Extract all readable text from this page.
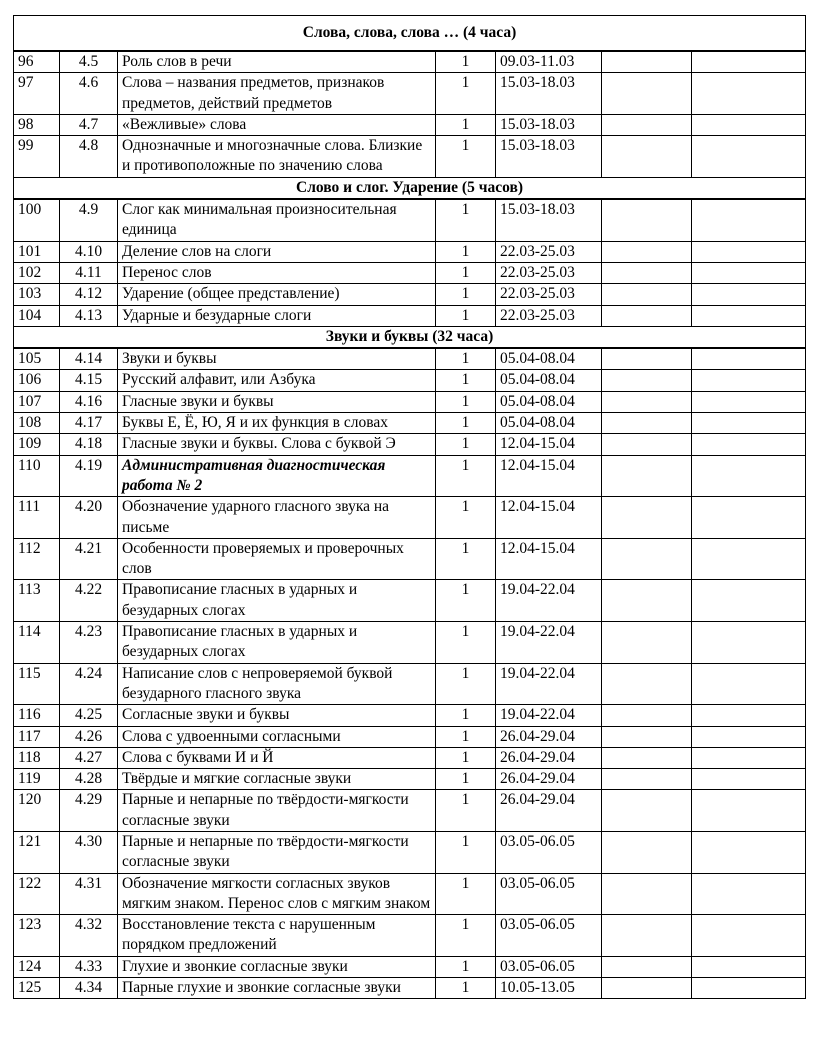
Слова, слова, слова … (4 часа)						
96	4.5	Роль слов в речи	1	09.03-11.03		
97	4.6	Слова – названия предметов, признаков предметов, действий предметов	1	15.03-18.03		
98	4.7	«Вежливые» слова	1	15.03-18.03		
99	4.8	Однозначные и многозначные слова. Близкие и противоположные по значению слова	1	15.03-18.03		
Слово и слог. Ударение (5 часов)						
100	4.9	Слог как минимальная произносительная единица	1	15.03-18.03		
101	4.10	Деление слов на слоги	1	22.03-25.03		
102	4.11	Перенос слов	1	22.03-25.03		
103	4.12	Ударение (общее представление)	1	22.03-25.03		
104	4.13	Ударные и безударные слоги	1	22.03-25.03		
Звуки и буквы (32 часа)						
105	4.14	Звуки и буквы	1	05.04-08.04		
106	4.15	Русский алфавит, или Азбука	1	05.04-08.04		
107	4.16	Гласные звуки и буквы	1	05.04-08.04		
108	4.17	Буквы Е, Ё, Ю, Я и их функция в словах	1	05.04-08.04		
109	4.18	Гласные звуки и буквы. Слова с буквой Э	1	12.04-15.04		
110	4.19	Административная диагностическая работа № 2	1	12.04-15.04		
111	4.20	Обозначение ударного гласного звука на письме	1	12.04-15.04		
112	4.21	Особенности проверяемых и проверочных слов	1	12.04-15.04		
113	4.22	Правописание гласных в ударных и безударных слогах	1	19.04-22.04		
114	4.23	Правописание гласных в ударных и безударных слогах	1	19.04-22.04		
115	4.24	Написание слов с непроверяемой буквой безударного гласного звука	1	19.04-22.04		
116	4.25	Согласные звуки и буквы	1	19.04-22.04		
117	4.26	Слова с удвоенными согласными	1	26.04-29.04		
118	4.27	Слова с буквами И и Й	1	26.04-29.04		
119	4.28	Твёрдые и мягкие согласные звуки	1	26.04-29.04		
120	4.29	Парные и непарные по твёрдости-мягкости согласные звуки	1	26.04-29.04		
121	4.30	Парные и непарные по твёрдости-мягкости согласные звуки	1	03.05-06.05		
122	4.31	Обозначение мягкости согласных звуков мягким знаком. Перенос слов с мягким знаком	1	03.05-06.05		
123	4.32	Восстановление текста с нарушенным порядком предложений	1	03.05-06.05		
124	4.33	Глухие и звонкие согласные звуки	1	03.05-06.05		
125	4.34	Парные глухие и звонкие согласные звуки	1	10.05-13.05		
